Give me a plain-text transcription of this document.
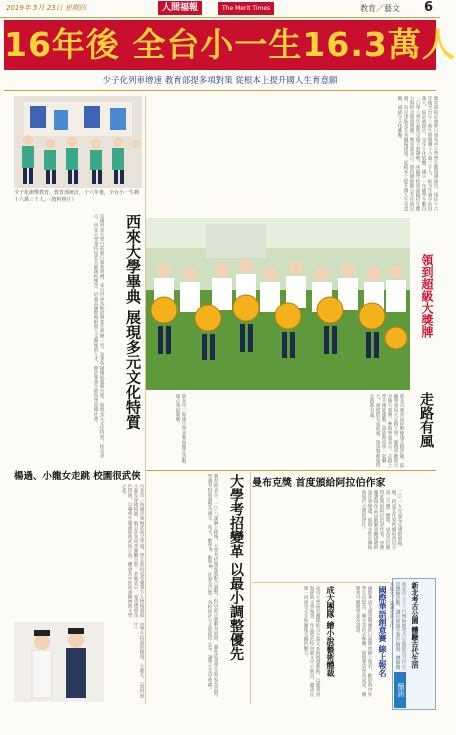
2019年 5月 23日 星期四	人間福報	The Merit Times	教育／藝文 6
16年後 全台小一生16.3萬人
少子化列車增速 教育部提多項對策 從根本上提升國人生育意願
少子化衝擊教育，教育部統計，十六年後，全台小一生剩十六萬三千人。（資料照片）	教育部統計處昨日發布中小學學生數預測報告，預估十六年後全台小一新生將僅剩十六萬三千人，較今年減少約四萬人。統計處指出，受少子化影響，國小一年級學生數自一百零八學年起將呈現下滑趨勢，各級學校將面臨招生壓力與校舍閒置問題。教育部表示，將持續推動公共化幼兒園、育兒津貼及友善職場措施，從根本上提升國人生育意願，減緩少子化衝擊。
領到超級大獎牌
走路有風
新北市教育局推動健康走路活動，鼓勵學童每天走路上學，累積步數即可兌換大獎牌。參與學童表示，走路上學不僅能運動，還能和同學一起聊天，感覺很有成就感，領到獎牌覺得走路都有風。
新北市三和國小學童參加健走活動，開心領取獎牌。
西來大學畢典 展現多元文化特質
美國西來大學日前舉行畢業典禮，來自世界各地的畢業生齊聚一堂，身著各國傳統服飾出席，展現多元文化特質。校長表示，西來大學秉持星雲大師創校理念，培養具國際視野與人文關懷的人才，期許畢業生將所學回饋社會。
楊過、小龍女走跳 校園很武俠
台北市一所國中舉辦武俠文學週，學生裝扮成金庸筆下人物楊過與小龍女穿梭校園，吸引許多同學圍觀合影。老師表示，希望透過角色扮演，引導學生閱讀經典武俠小說，體會其中的俠義精神與文學之美。
由學生扮演的楊過、小龍女。（資料照片）	大學考招變革 以最小調整優先
教育部表示，一○八課綱上路後，大學考招制度將配合調整，但以最小變動為原則，避免造成學生與家長恐慌。學測考科將調整為國文、英文、數學A、數學B、社會及自然，各校採計方式將提早公布，讓學生及早準備。	曼布克獎 首度頒給阿拉伯作家
二○一九年曼布克國際獎揭曉，阿曼女作家阿爾哈西以小說《天體》獲獎，成為首位獲得此獎的阿拉伯語作家。評審團讚揚作品以細膩筆觸描繪阿曼社會變遷，展現女性在傳統與現代之間的掙扎。
成大團隊 繪小說藝術體裁
成功大學研究團隊結合小說文本與視覺藝術，以插畫重現經典文學場景，作品將於校內藝文中心展出，邀請民眾一同感受文字與圖像交織的魅力。	國際華語創意賽 線上報名
國際華語文創意競賽即日起開放線上報名，歡迎海內外學生以影音、圖文等形式參賽，展現華語學習成果，優勝者可獲獎學金及證書。
簡訊
新北考古公園 體驗古代生活
新北市立十三行博物館考古公園推出古代生活體驗活動，讓民眾親手製作陶器、體驗鑽木取火，認識史前文化。
